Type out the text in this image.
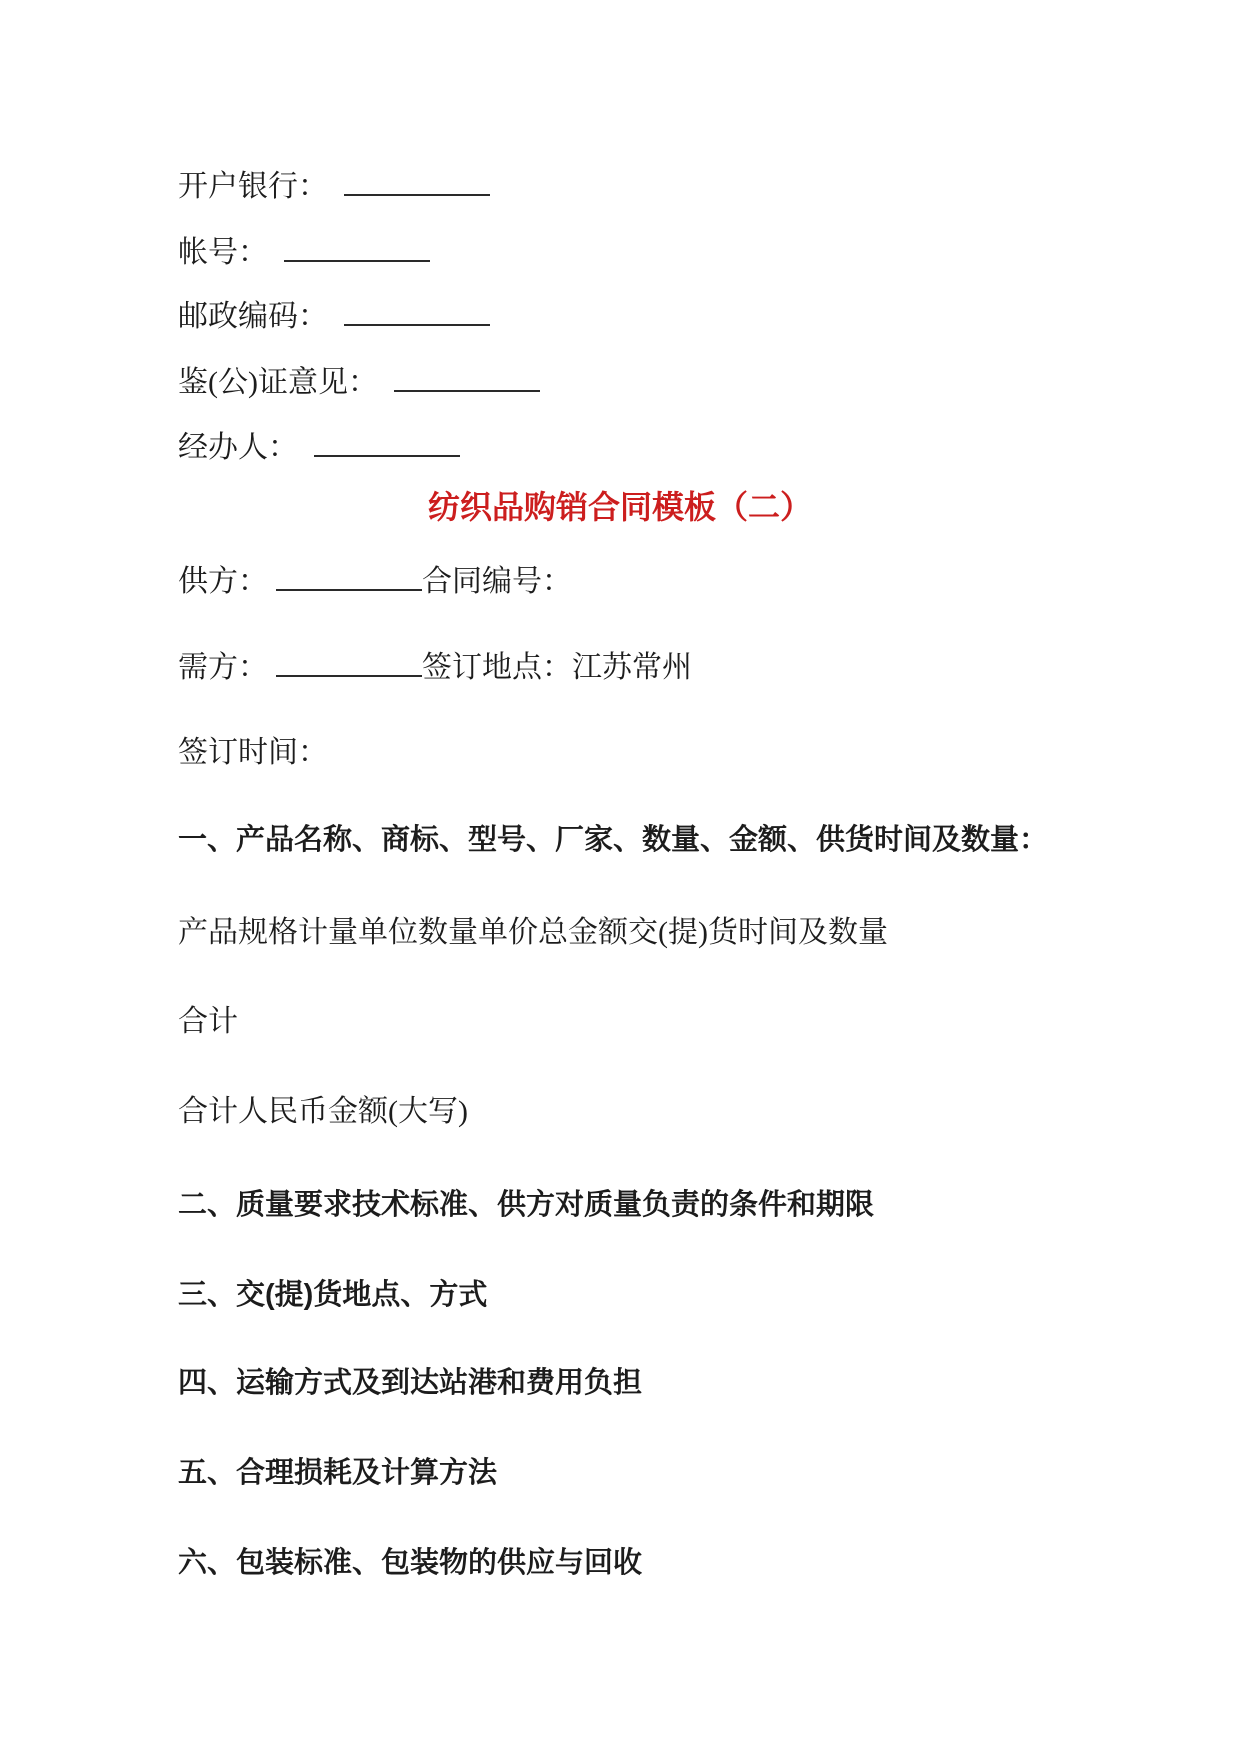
开户银行：
帐号：
邮政编码：
鉴(公)证意见：
经办人：
纺织品购销合同模板（二）
供方：	合同编号：
需方：	签订地点：江苏常州
签订时间：
一、产品名称、商标、型号、厂家、数量、金额、供货时间及数量：
产品规格计量单位数量单价总金额交(提)货时间及数量
合计
合计人民币金额(大写)
二、质量要求技术标准、供方对质量负责的条件和期限
三、交(提)货地点、方式
四、运输方式及到达站港和费用负担
五、合理损耗及计算方法
六、包装标准、包装物的供应与回收
